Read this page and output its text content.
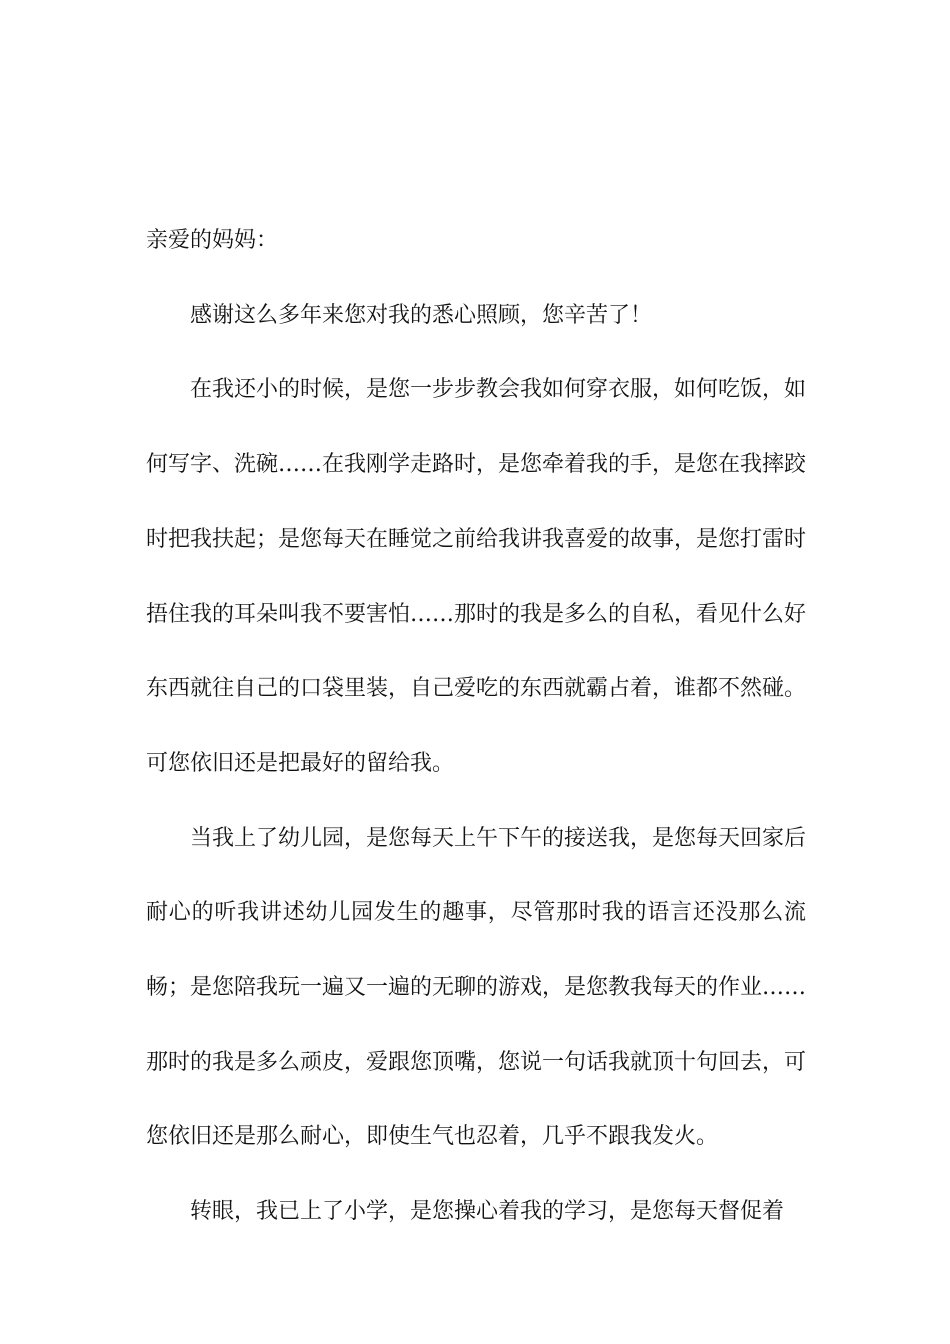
亲爱的妈妈：

感谢这么多年来您对我的悉心照顾，您辛苦了！

在我还小的时候，是您一步步教会我如何穿衣服，如何吃饭，如何写字、洗碗……在我刚学走路时，是您牵着我的手，是您在我摔跤时把我扶起；是您每天在睡觉之前给我讲我喜爱的故事，是您打雷时捂住我的耳朵叫我不要害怕……那时的我是多么的自私，看见什么好东西就往自己的口袋里装，自己爱吃的东西就霸占着，谁都不然碰。可您依旧还是把最好的留给我。

当我上了幼儿园，是您每天上午下午的接送我，是您每天回家后耐心的听我讲述幼儿园发生的趣事，尽管那时我的语言还没那么流畅；是您陪我玩一遍又一遍的无聊的游戏，是您教我每天的作业……那时的我是多么顽皮，爱跟您顶嘴，您说一句话我就顶十句回去，可您依旧还是那么耐心，即使生气也忍着，几乎不跟我发火。

转眼，我已上了小学，是您操心着我的学习，是您每天督促着
